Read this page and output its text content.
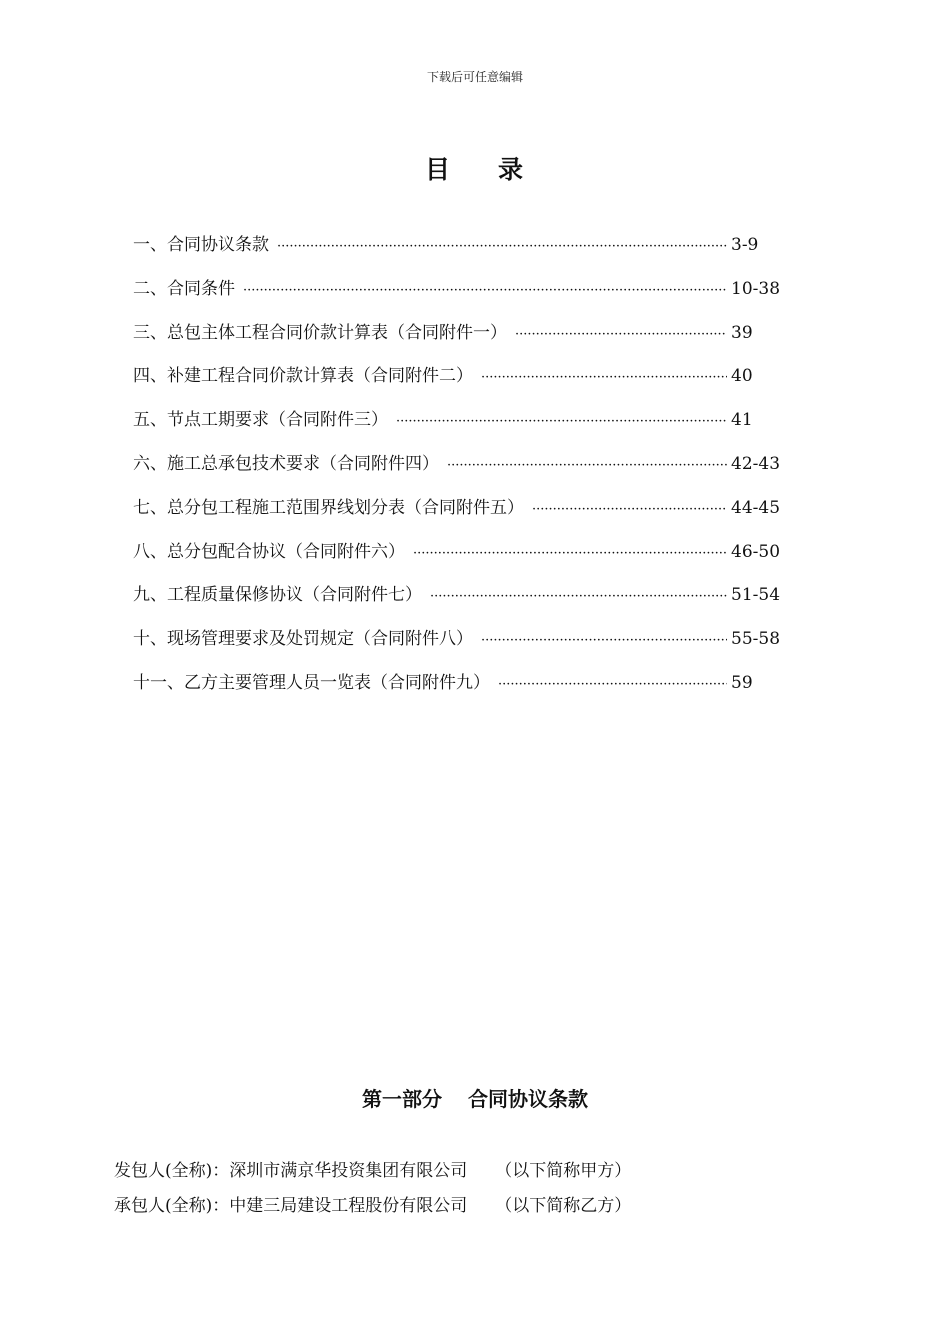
下载后可任意编辑
目 录
一、合同协议条款 ·····	3-9
二、合同条件 ·····	10-38
三、总包主体工程合同价款计算表（合同附件一） ·····	39
四、补建工程合同价款计算表（合同附件二） ·····	40
五、节点工期要求（合同附件三） ·····	41
六、施工总承包技术要求（合同附件四） ·····	42-43
七、总分包工程施工范围界线划分表（合同附件五） ·····	44-45
八、总分包配合协议（合同附件六） ·····	46-50
九、工程质量保修协议（合同附件七） ·····	51-54
十、现场管理要求及处罚规定（合同附件八） ·····	55-58
十一、乙方主要管理人员一览表（合同附件九） ·····	59
第一部分 合同协议条款
发包人(全称)：深圳市满京华投资集团有限公司 （以下简称甲方）
承包人(全称)：中建三局建设工程股份有限公司 （以下简称乙方）
